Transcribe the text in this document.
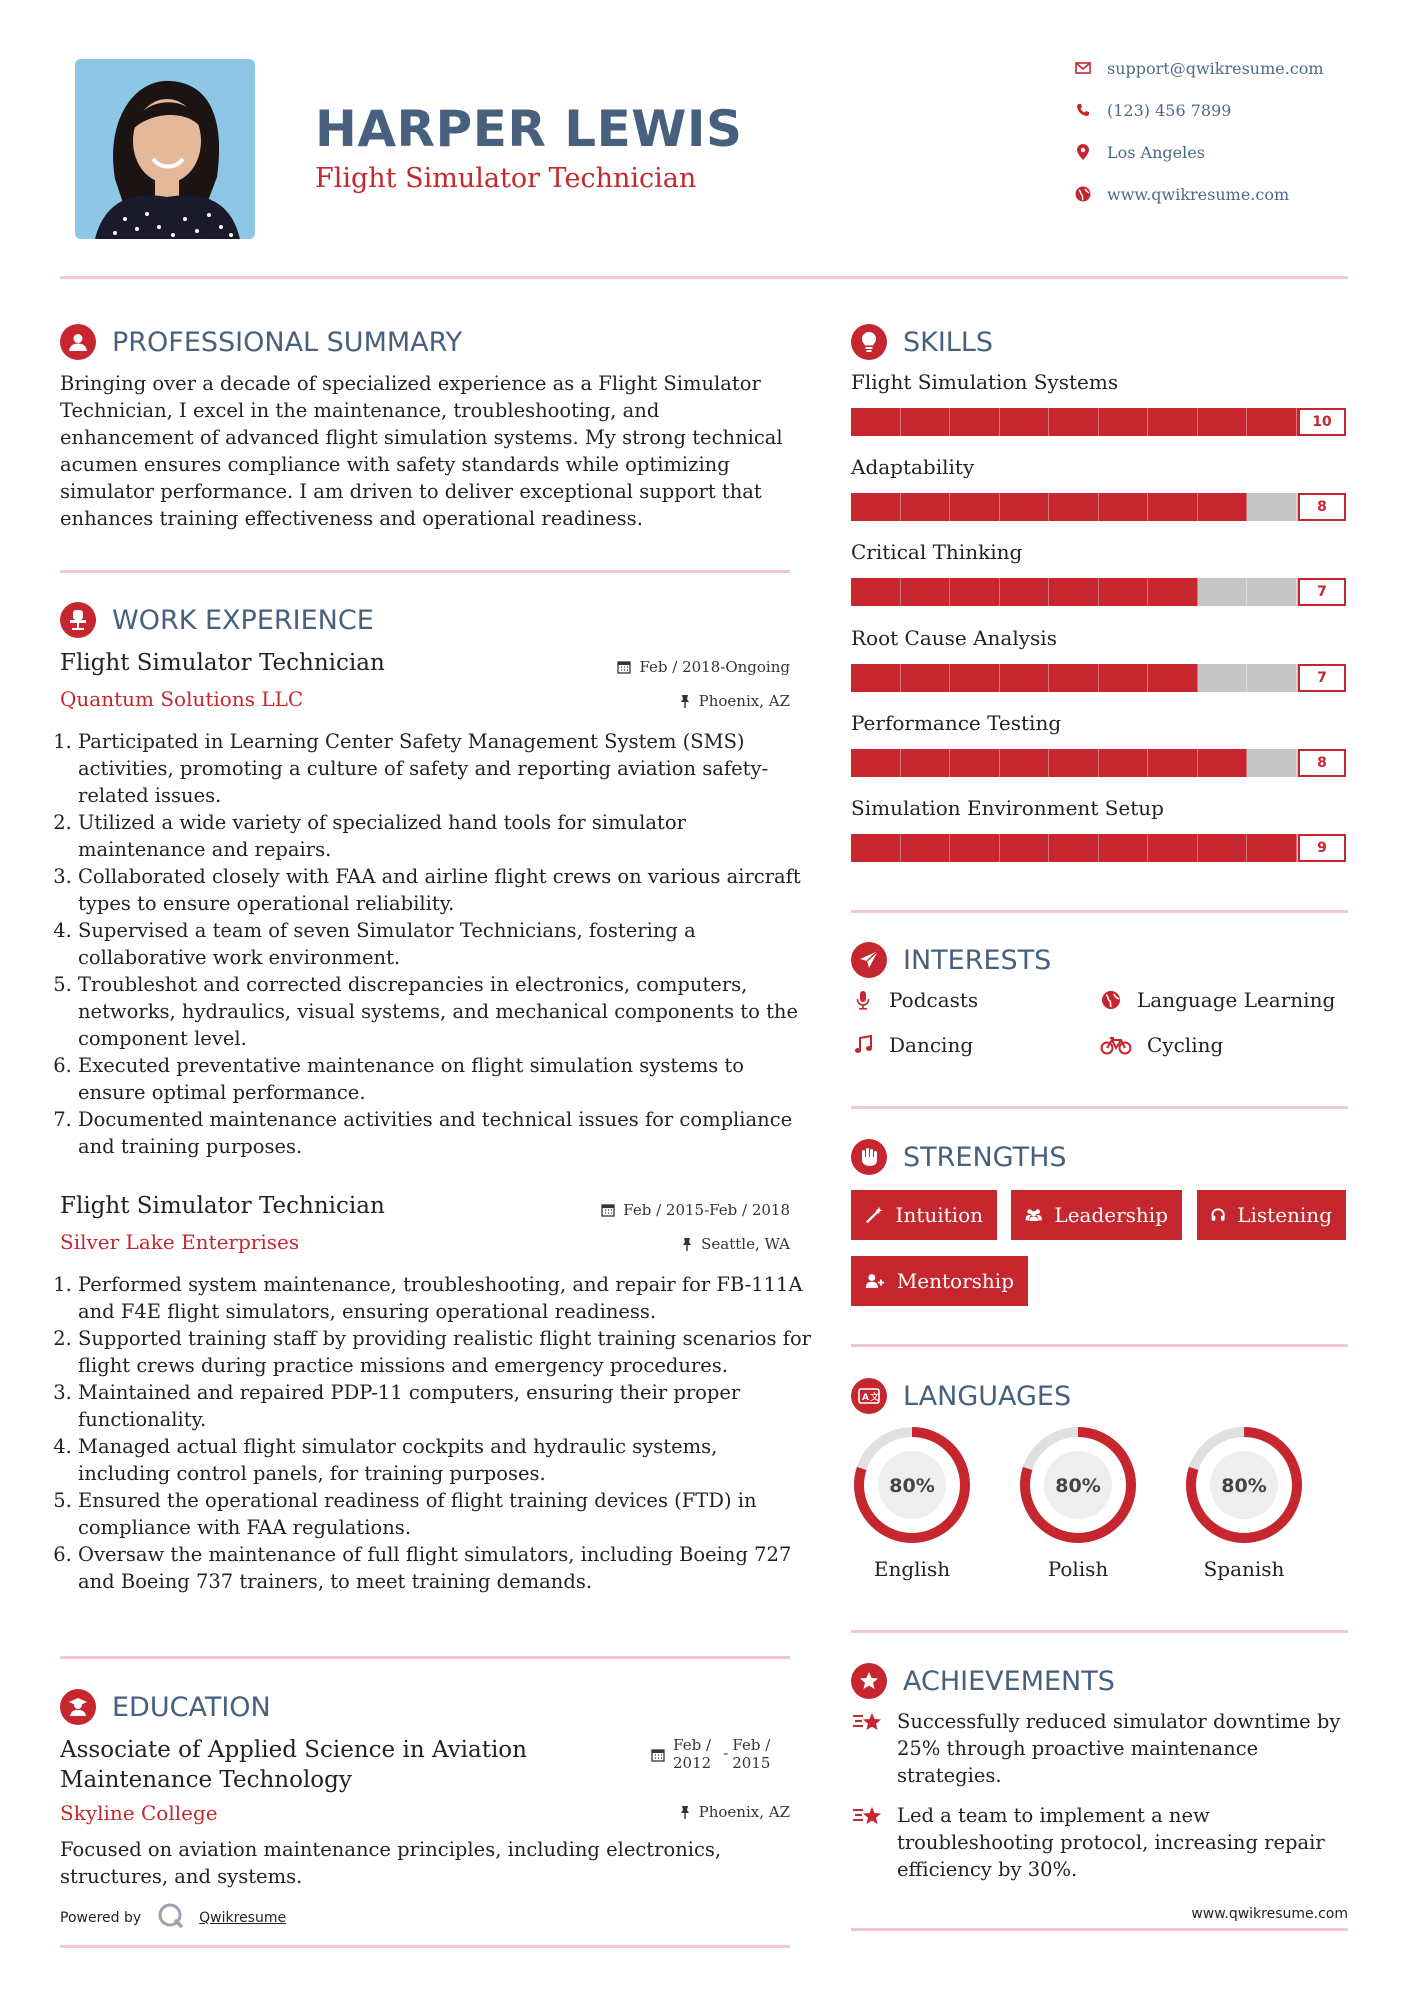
HARPER LEWIS
Flight Simulator Technician
support@qwikresume.com
(123) 456 7899
Los Angeles
www.qwikresume.com
PROFESSIONAL SUMMARY
Bringing over a decade of specialized experience as a Flight Simulator Technician, I excel in the maintenance, troubleshooting, and enhancement of advanced flight simulation systems. My strong technical acumen ensures compliance with safety standards while optimizing simulator performance. I am driven to deliver exceptional support that enhances training effectiveness and operational readiness.
WORK EXPERIENCE
Flight Simulator Technician	Feb / 2018-Ongoing
Quantum Solutions LLC	Phoenix, AZ
1. Participated in Learning Center Safety Management System (SMS) activities, promoting a culture of safety and reporting aviation safety-related issues.
2. Utilized a wide variety of specialized hand tools for simulator maintenance and repairs.
3. Collaborated closely with FAA and airline flight crews on various aircraft types to ensure operational reliability.
4. Supervised a team of seven Simulator Technicians, fostering a collaborative work environment.
5. Troubleshot and corrected discrepancies in electronics, computers, networks, hydraulics, visual systems, and mechanical components to the component level.
6. Executed preventative maintenance on flight simulation systems to ensure optimal performance.
7. Documented maintenance activities and technical issues for compliance and training purposes.
Flight Simulator Technician	Feb / 2015-Feb / 2018
Silver Lake Enterprises	Seattle, WA
1. Performed system maintenance, troubleshooting, and repair for FB-111A and F4E flight simulators, ensuring operational readiness.
2. Supported training staff by providing realistic flight training scenarios for flight crews during practice missions and emergency procedures.
3. Maintained and repaired PDP-11 computers, ensuring their proper functionality.
4. Managed actual flight simulator cockpits and hydraulic systems, including control panels, for training purposes.
5. Ensured the operational readiness of flight training devices (FTD) in compliance with FAA regulations.
6. Oversaw the maintenance of full flight simulators, including Boeing 727 and Boeing 737 trainers, to meet training demands.
EDUCATION
Associate of Applied Science in Aviation
Maintenance Technology
Feb /
2012
- Feb /
2015
Skyline College	Phoenix, AZ
Focused on aviation maintenance principles, including electronics, structures, and systems.
Powered by	Qwikresume
SKILLS
Flight Simulation Systems
10
Adaptability
8
Critical Thinking
7
Root Cause Analysis
7
Performance Testing
8
Simulation Environment Setup
9
INTERESTS
Podcasts	Language Learning
Dancing	Cycling
STRENGTHS
Intuition	Leadership	Listening
Mentorship
A 文 LANGUAGES
80%
English
80%
Polish
80%
Spanish
ACHIEVEMENTS
Successfully reduced simulator downtime by
25% through proactive maintenance
strategies.
Led a team to implement a new
troubleshooting protocol, increasing repair
efficiency by 30%.
www.qwikresume.com
